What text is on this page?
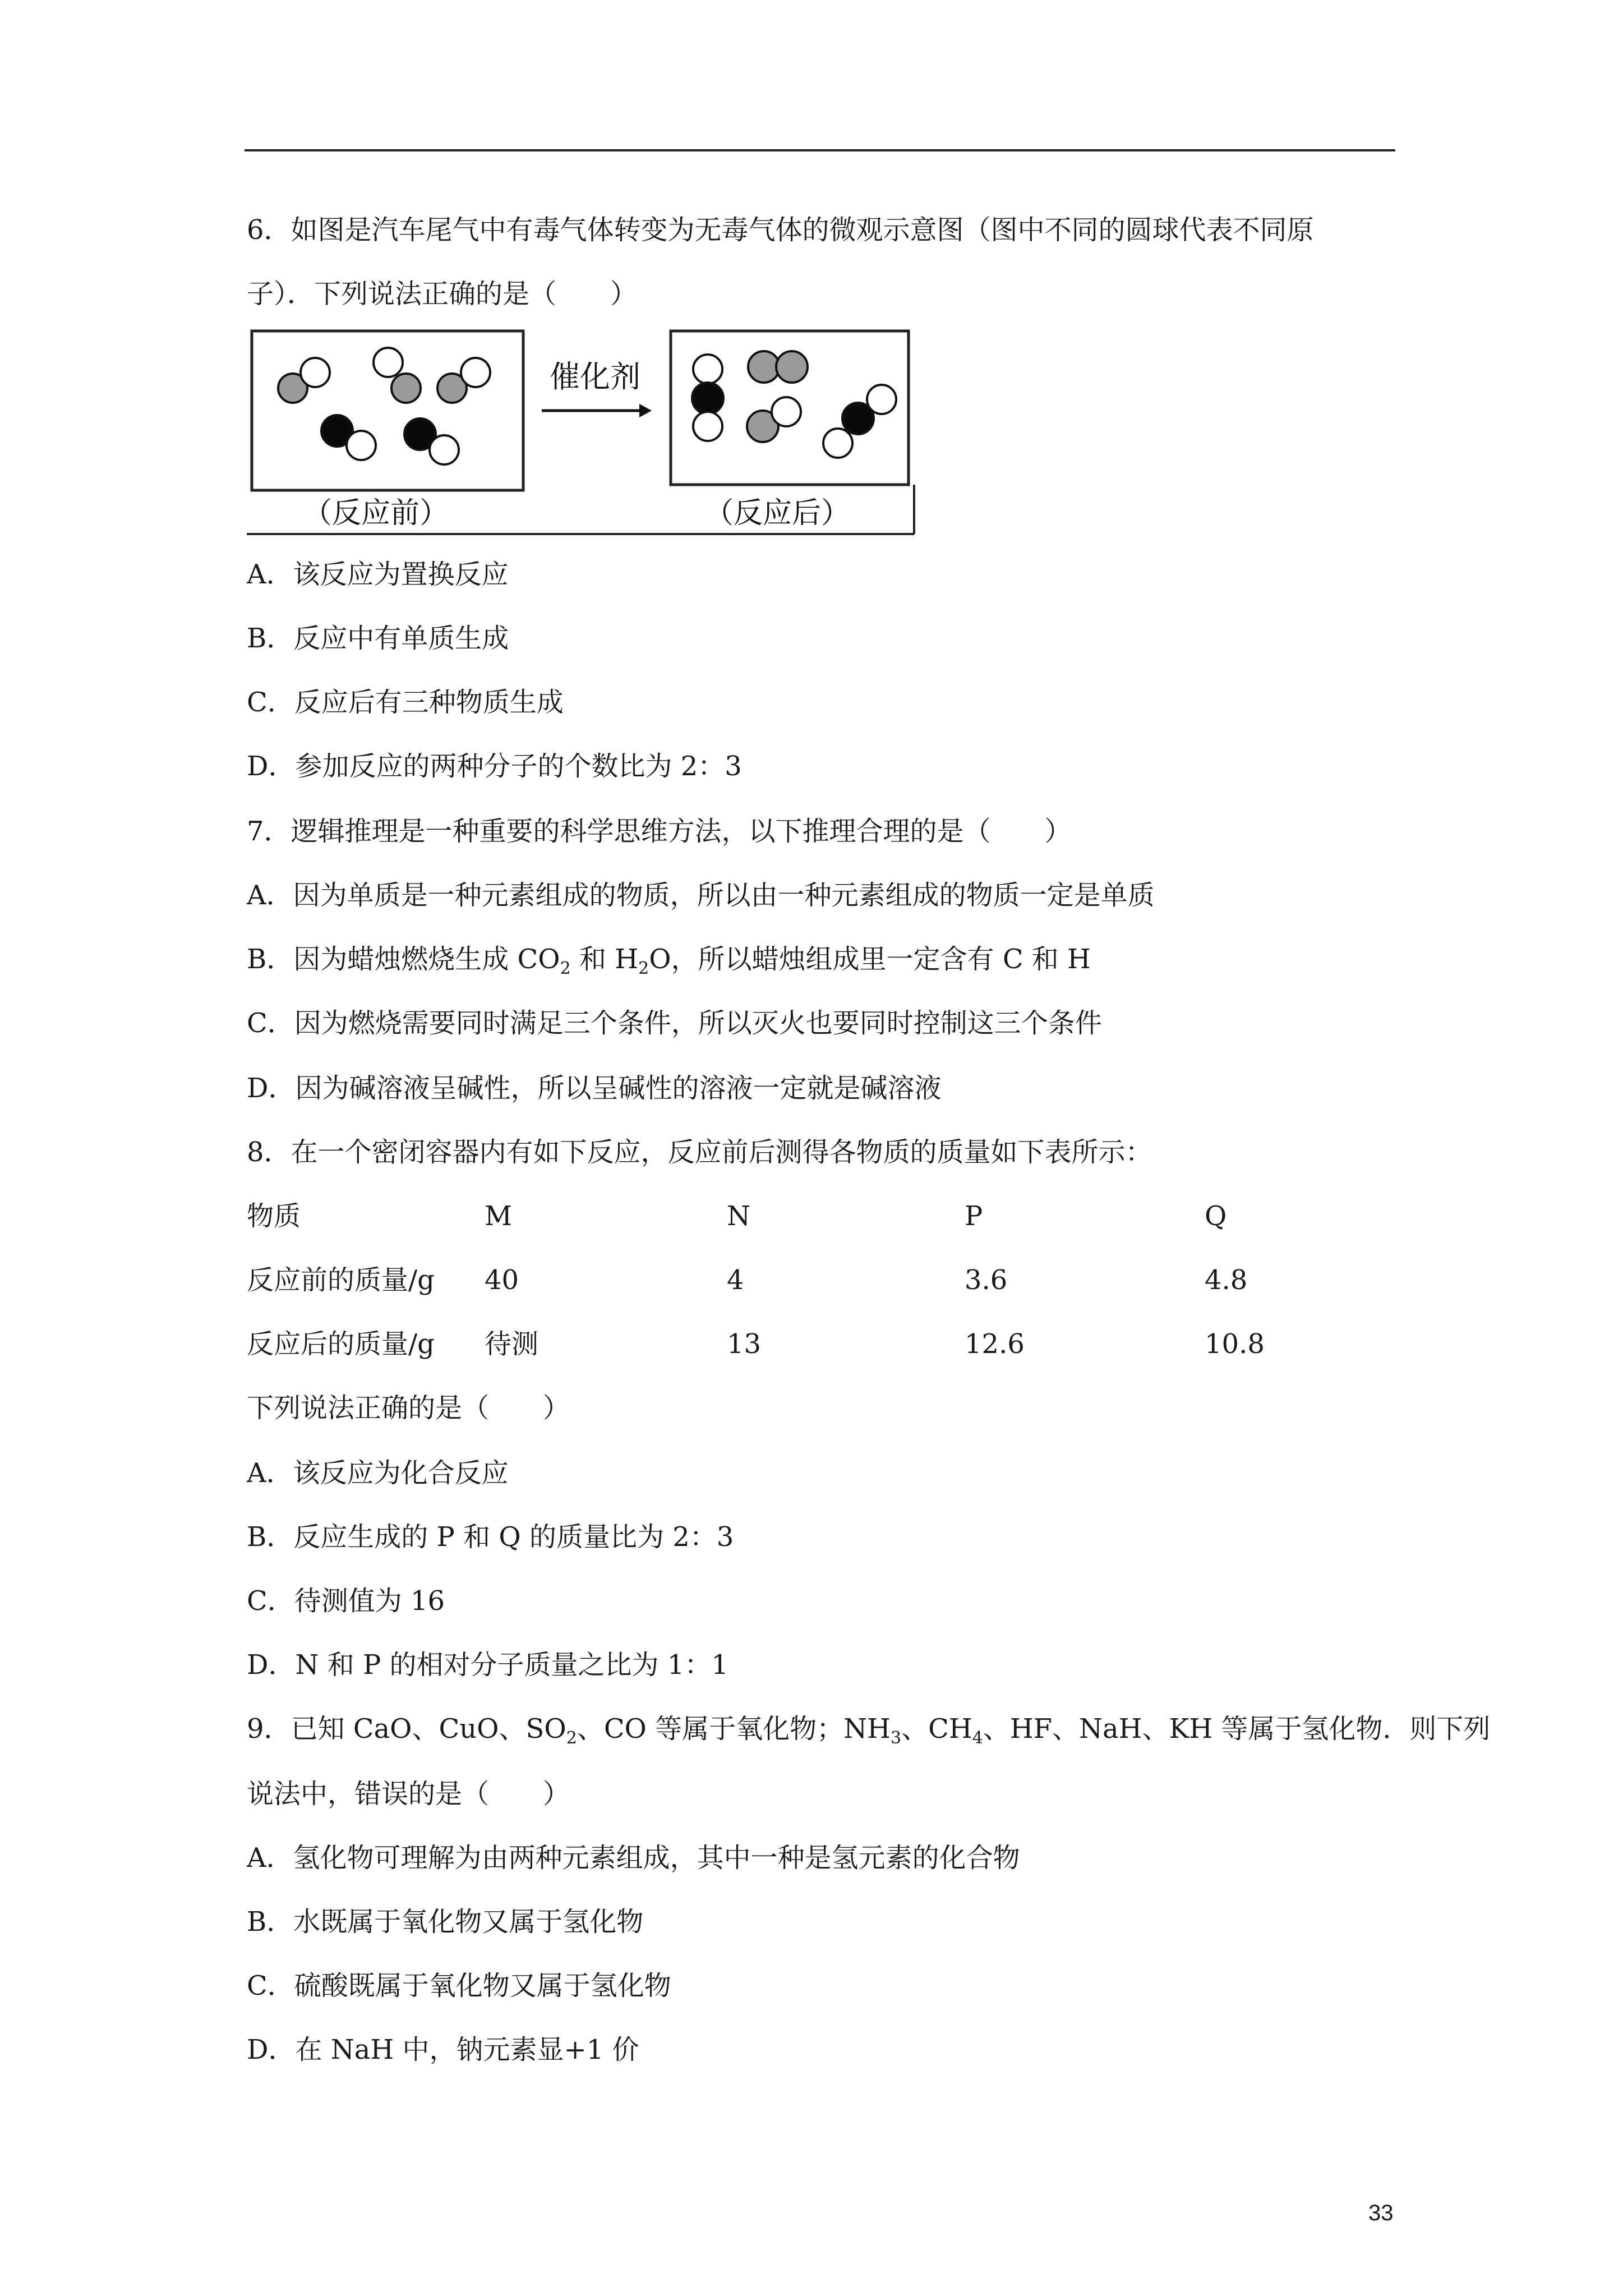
6．如图是汽车尾气中有毒气体转变为无毒气体的微观示意图（图中不同的圆球代表不同原
子）．下列说法正确的是（　　）
催化剂
（反应前）	（反应后）
A．该反应为置换反应
B．反应中有单质生成
C．反应后有三种物质生成
D．参加反应的两种分子的个数比为 2：3
7．逻辑推理是一种重要的科学思维方法，以下推理合理的是（　　）
A．因为单质是一种元素组成的物质，所以由一种元素组成的物质一定是单质
B．因为蜡烛燃烧生成 $CO_2$ 和 $H_2O$，所以蜡烛组成里一定含有 C 和 H
C．因为燃烧需要同时满足三个条件，所以灭火也要同时控制这三个条件
D．因为碱溶液呈碱性，所以呈碱性的溶液一定就是碱溶液
8．在一个密闭容器内有如下反应，反应前后测得各物质的质量如下表所示：
物质	M	N	P	Q
反应前的质量/g 40	4	3.6	4.8
反应后的质量/g 待测	13	12.6	10.8
下列说法正确的是（　　）
A．该反应为化合反应
B．反应生成的 P 和 Q 的质量比为 2：3
C．待测值为 16
D．N 和 P 的相对分子质量之比为 1：1
9．已知 CaO、CuO、$SO_2$、CO 等属于氧化物；$NH_3$、$CH_4$、HF、NaH、KH 等属于氢化物．则下列
说法中，错误的是（　　）
A．氢化物可理解为由两种元素组成，其中一种是氢元素的化合物
B．水既属于氧化物又属于氢化物
C．硫酸既属于氧化物又属于氢化物
D．在 NaH 中，钠元素显+1 价
33
